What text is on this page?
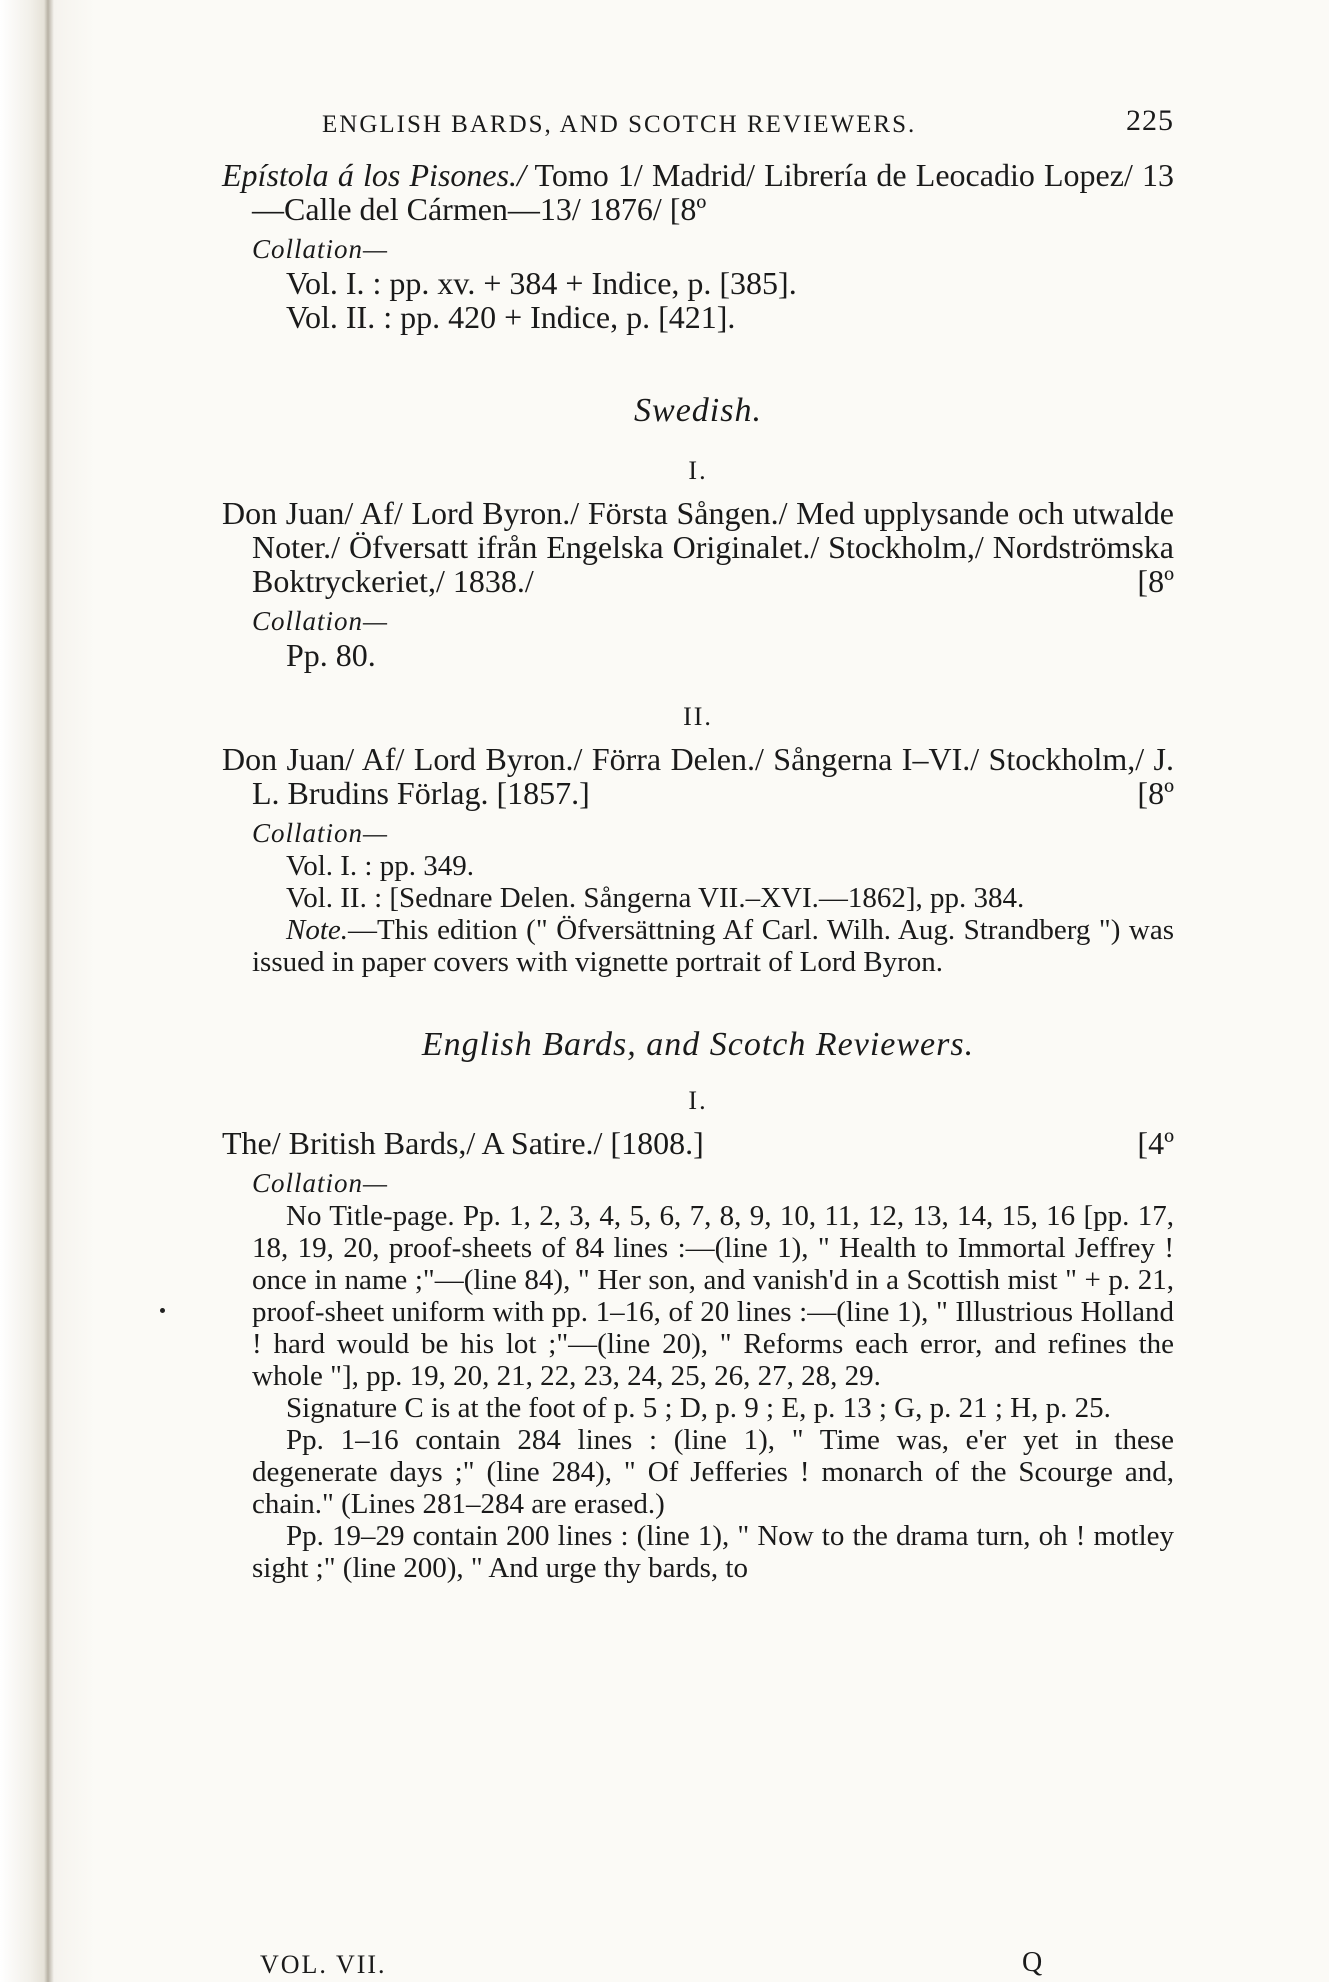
ENGLISH BARDS, AND SCOTCH REVIEWERS.	225
Epístola á los Pisones./ Tomo 1/ Madrid/ Librería de Leocadio Lopez/ 13—Calle del Cármen—13/ 1876/ [8º
Collation—
Vol. I. : pp. xv. + 384 + Indice, p. [385].
Vol. II. : pp. 420 + Indice, p. [421].
Swedish.
I.
Don Juan/ Af/ Lord Byron./ Första Sången./ Med upplysande och utwalde Noter./ Öfversatt ifrån Engelska Originalet./ Stockholm,/ Nordströmska Boktryckeriet,/ 1838./	[8º
Collation—
Pp. 80.
II.
Don Juan/ Af/ Lord Byron./ Förra Delen./ Sångerna I–VI./ Stockholm,/ J. L. Brudins Förlag. [1857.]	[8º
Collation—
Vol. I. : pp. 349.
Vol. II. : [Sednare Delen. Sångerna VII.–XVI.—1862], pp. 384.
Note.—This edition (" Öfversättning Af Carl. Wilh. Aug. Strandberg ") was issued in paper covers with vignette portrait of Lord Byron.
English Bards, and Scotch Reviewers.
I.
The/ British Bards,/ A Satire./ [1808.]	[4º
Collation—
No Title-page. Pp. 1, 2, 3, 4, 5, 6, 7, 8, 9, 10, 11, 12, 13, 14, 15, 16 [pp. 17, 18, 19, 20, proof-sheets of 84 lines :—(line 1), " Health to Immortal Jeffrey ! once in name ;"—(line 84), " Her son, and vanish'd in a Scottish mist " + p. 21, proof-sheet uniform with pp. 1–16, of 20 lines :—(line 1), " Illustrious Holland ! hard would be his lot ;"—(line 20), " Reforms each error, and refines the whole "], pp. 19, 20, 21, 22, 23, 24, 25, 26, 27, 28, 29.
Signature C is at the foot of p. 5 ; D, p. 9 ; E, p. 13 ; G, p. 21 ; H, p. 25.
Pp. 1–16 contain 284 lines : (line 1), " Time was, e'er yet in these degenerate days ;" (line 284), " Of Jefferies ! monarch of the Scourge and, chain." (Lines 281–284 are erased.)
Pp. 19–29 contain 200 lines : (line 1), " Now to the drama turn, oh ! motley sight ;" (line 200), " And urge thy bards, to
VOL. VII.	Q
